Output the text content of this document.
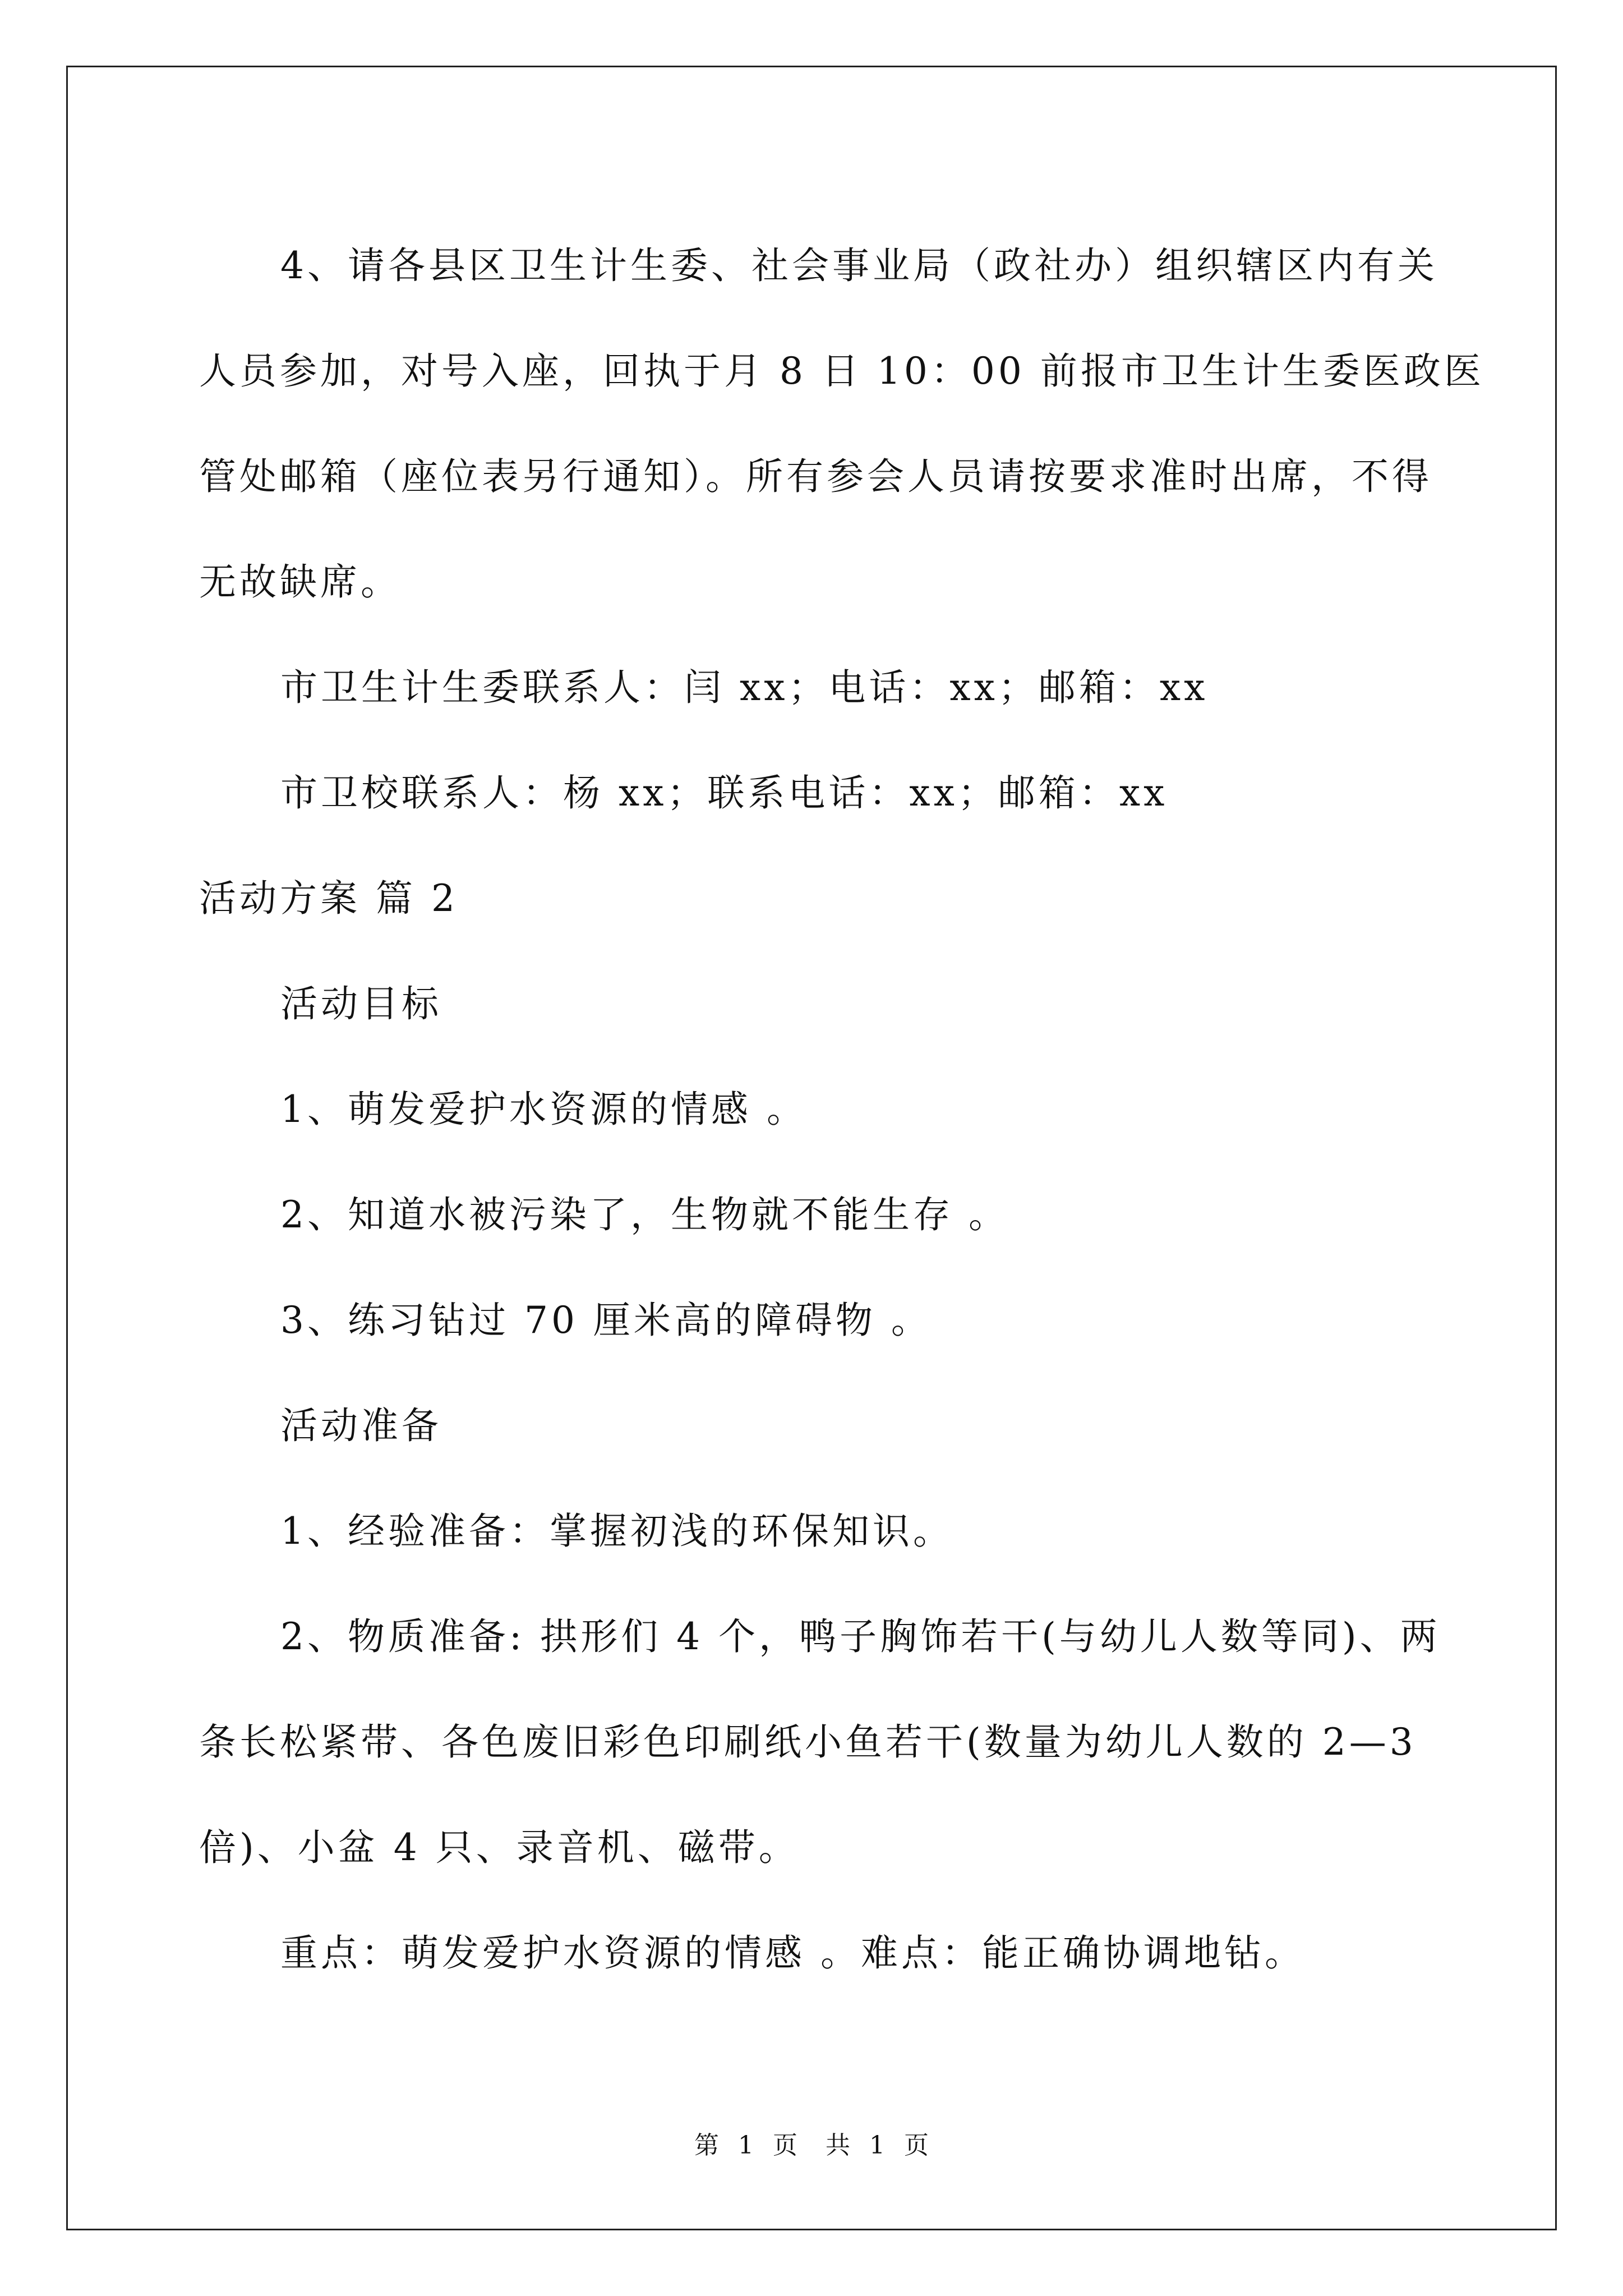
4、请各县区卫生计生委、社会事业局（政社办）组织辖区内有关
人员参加，对号入座，回执于月 8 日 10：00 前报市卫生计生委医政医
管处邮箱（座位表另行通知）。所有参会人员请按要求准时出席，不得
无故缺席。
市卫生计生委联系人：闫 xx；电话：xx；邮箱：xx
市卫校联系人：杨 xx；联系电话：xx；邮箱：xx
活动方案 篇 2
活动目标
1、萌发爱护水资源的情感 。
2、知道水被污染了，生物就不能生存 。
3、练习钻过 70 厘米高的障碍物 。
活动准备
1、经验准备：掌握初浅的环保知识。
2、物质准备: 拱形们 4 个，鸭子胸饰若干(与幼儿人数等同)、两
条长松紧带、各色废旧彩色印刷纸小鱼若干(数量为幼儿人数的 2—3
倍)、小盆 4 只、录音机、磁带。
重点：萌发爱护水资源的情感 。难点：能正确协调地钻。
第 1 页 共 1 页
